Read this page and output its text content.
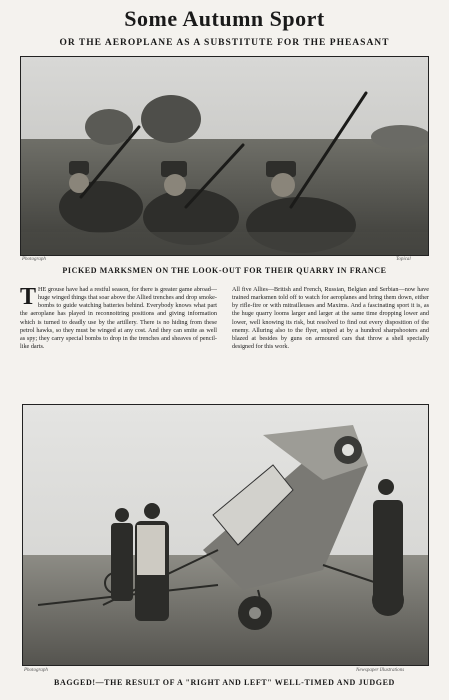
Some Autumn Sport
OR THE AEROPLANE AS A SUBSTITUTE FOR THE PHEASANT
Photograph	Topical
PICKED MARKSMEN ON THE LOOK-OUT FOR THEIR QUARRY IN FRANCE
THE grouse have had a restful season, for there is greater game abroad—huge winged things that soar above the Allied trenches and drop smoke-bombs to guide watching batteries behind. Everybody knows what part the aeroplane has played in reconnoitring positions and giving information which is turned to deadly use by the artillery. There is no hiding from these petrol hawks, so they must be winged at any cost. And they can smite as well as spy; they carry special bombs to drop in the trenches and sheaves of pencil-like darts.
All five Allies—British and French, Russian, Belgian and Serbian—now have trained marksmen told off to watch for aeroplanes and bring them down, either by rifle-fire or with mitrailleuses and Maxims. And a fascinating sport it is, as the huge quarry looms larger and larger at the same time dropping lower and lower, well knowing its risk, but resolved to find out every disposition of the enemy. Alluring also to the flyer, sniped at by a hundred sharpshooters and blazed at besides by guns on armoured cars that throw a shell specially designed for this work.
Photograph	Newspaper Illustrations
BAGGED!—THE RESULT OF A "RIGHT AND LEFT" WELL-TIMED AND JUDGED
